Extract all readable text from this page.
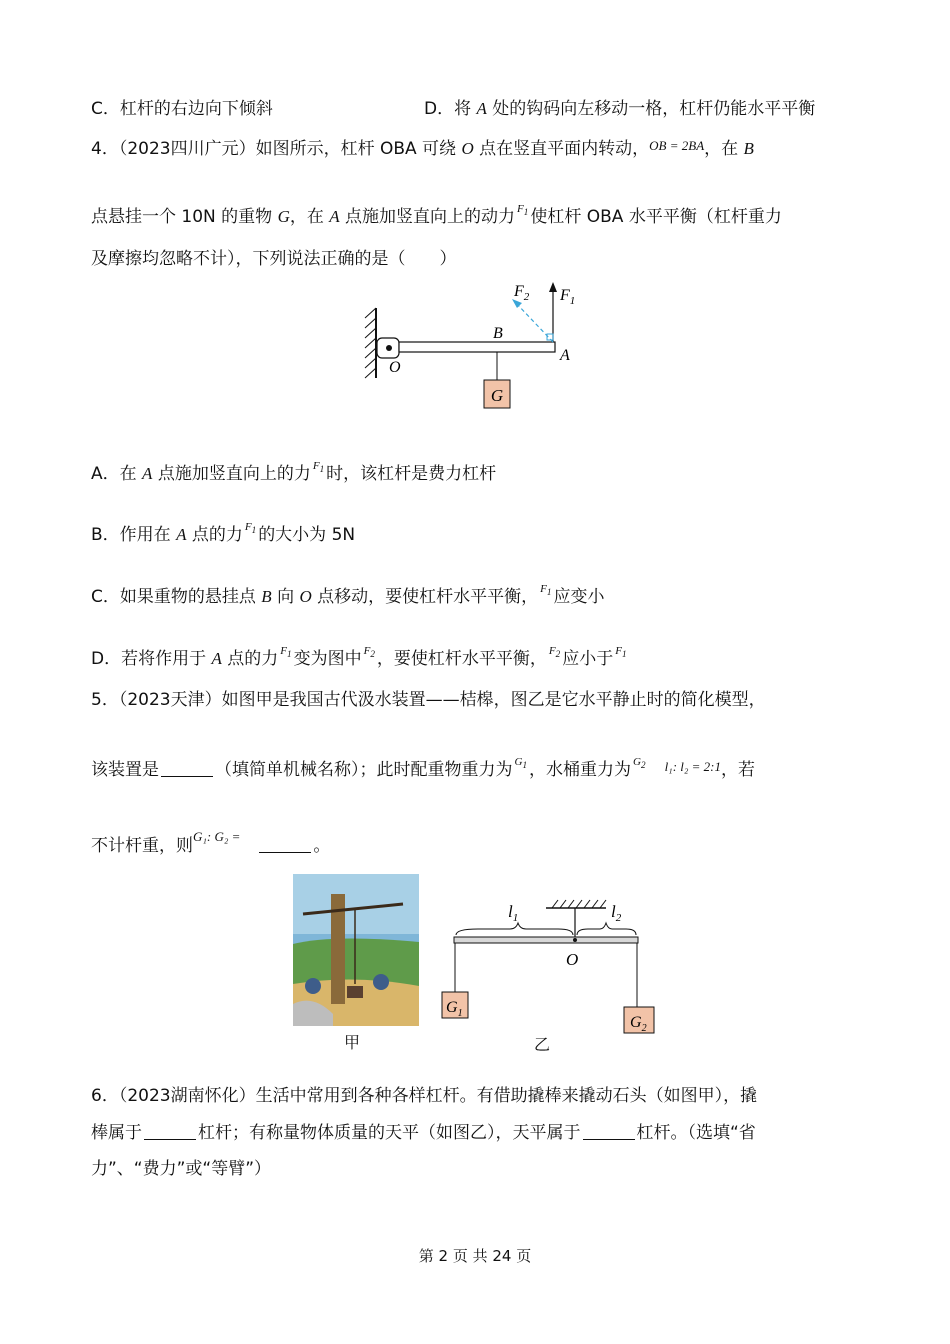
C．杠杆的右边向下倾斜	D．将 A 处的钩码向左移动一格，杠杆仍能水平平衡
4．（2023四川广元）如图所示，杠杆 OBA 可绕 O 点在竖直平面内转动，$^{OB = 2BA}$，在 B
点悬挂一个 10N 的重物 G，在 A 点施加竖直向上的动力 $^{F_1}$ 使杠杆 OBA 水平平衡（杠杆重力
及摩擦均忽略不计），下列说法正确的是（　　）
G
$F_1$
$F_2$
B
A
O
A．在 A 点施加竖直向上的力 $^{F_1}$ 时，该杠杆是费力杠杆
B．作用在 A 点的力 $^{F_1}$ 的大小为 5N
C．如果重物的悬挂点 B 向 O 点移动，要使杠杆水平平衡， $^{F_1}$ 应变小
D．若将作用于 A 点的力 $^{F_1}$ 变为图中 $^{F_2}$ ，要使杠杆水平平衡， $^{F_2}$ 应小于 $^{F_1}$
5．（2023天津）如图甲是我国古代汲水装置——桔槔，图乙是它水平静止时的简化模型，
该装置是	（填简单机械名称）；此时配重物重力为 $^{G_1}$ ，水桶重力为 $^{G_2}$　 $^{l_1: l_2 = 2:1}$，若
不计杆重，则$^{G_1: G_2 =}$　	。
甲
$l_1$	$l_2$
O
$G_1$
$G_2$
乙
6．（2023湖南怀化）生活中常用到各种各样杠杆。有借助撬棒来撬动石头（如图甲），撬
棒属于	杠杆；有称量物体质量的天平（如图乙），天平属于	杠杆。（选填“省
力”、“费力”或“等臂”）
第 2 页 共 24 页
